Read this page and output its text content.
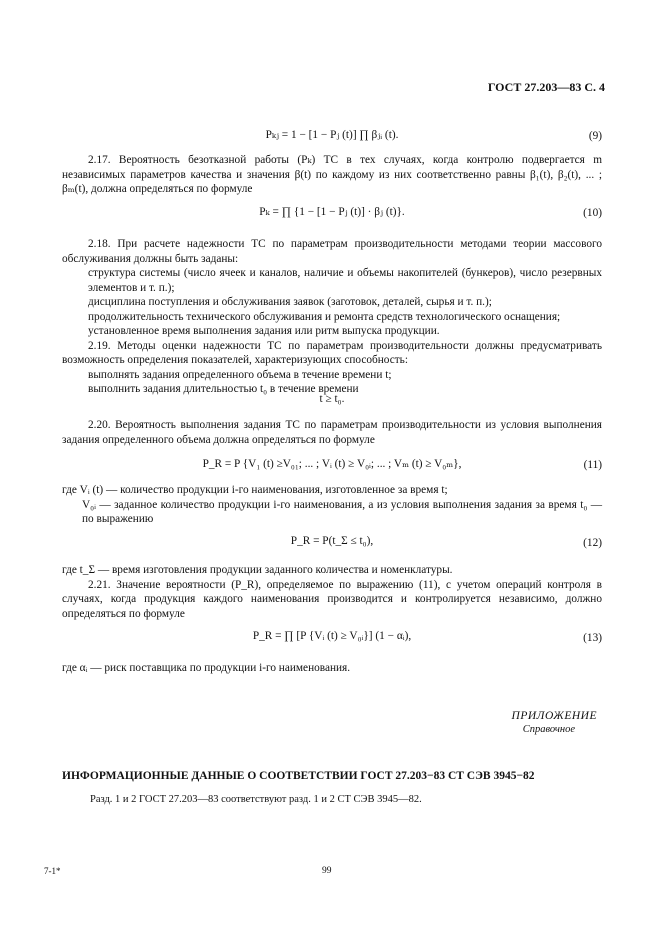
ГОСТ 27.203—83 С. 4
Pₖⱼ = 1 − [1 − Pⱼ (t)] ∏ βⱼᵢ (t).	(9)

2.17. Вероятность безотказной работы (Pₖ) ТС в тех случаях, когда контролю подвергается m независимых параметров качества и значения β(t) по каждому из них соответственно равны β₁(t), β₂(t), ... ; βₘ(t), должна определяться по формуле

Pₖ = ∏ {1 − [1 − Pⱼ (t)] · βⱼ (t)}.	(10)

2.18. При расчете надежности ТС по параметрам производительности методами теории массового обслуживания должны быть заданы:

структура системы (число ячеек и каналов, наличие и объемы накопителей (бункеров), число резервных элементов и т. п.);

дисциплина поступления и обслуживания заявок (заготовок, деталей, сырья и т. п.);

продолжительность технического обслуживания и ремонта средств технологического оснащения;

установленное время выполнения задания или ритм выпуска продукции.

2.19. Методы оценки надежности ТС по параметрам производительности должны предусматривать возможность определения показателей, характеризующих способность:

выполнять задания определенного объема в течение времени t;

выполнить задания длительностью t₀ в течение времени

t ≥ t₀.

2.20. Вероятность выполнения задания ТС по параметрам производительности из условия выполнения задания определенного объема должна определяться по формуле

P_R = P {V₁ (t) ≥V₀₁; ... ; Vᵢ (t) ≥ V₀ᵢ; ... ; Vₘ (t) ≥ V₀ₘ},	(11)

где Vᵢ (t) — количество продукции i-го наименования, изготовленное за время t;

V₀ᵢ — заданное количество продукции i-го наименования, а из условия выполнения задания за время t₀ — по выражению

P_R = P(t_Σ ≤ t₀),	(12)

где t_Σ — время изготовления продукции заданного количества и номенклатуры.

2.21. Значение вероятности (P_R), определяемое по выражению (11), с учетом операций контроля в случаях, когда продукция каждого наименования производится и контролируется независимо, должно определяться по формуле

P_R = ∏ [P {Vᵢ (t) ≥ V₀ᵢ}] (1 − αᵢ),	(13)

где αᵢ — риск поставщика по продукции i-го наименования.

ПРИЛОЖЕНИЕ
Справочное
ИНФОРМАЦИОННЫЕ ДАННЫЕ О СООТВЕТСТВИИ ГОСТ 27.203−83 СТ СЭВ 3945−82
Разд. 1 и 2 ГОСТ 27.203—83 соответствуют разд. 1 и 2 СТ СЭВ 3945—82.
7-1*	99
